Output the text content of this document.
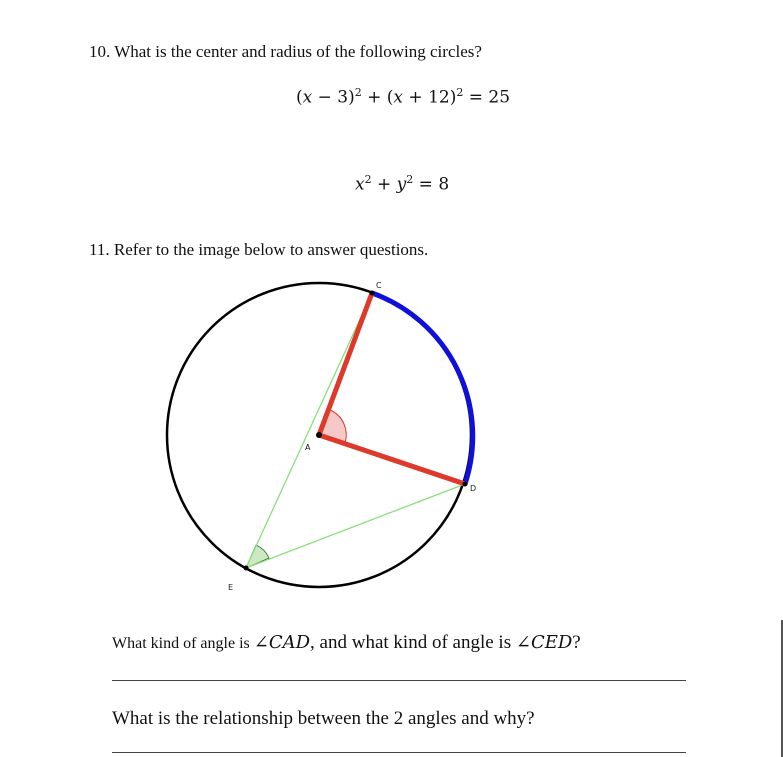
10. What is the center and radius of the following circles?
$(x - 3)^2 + (x + 12)^2 = 25$
$x^2 + y^2 = 8$
11. Refer to the image below to answer questions.
C
A
D
E
What kind of angle is ∠CAD, and what kind of angle is ∠CED?
What is the relationship between the 2 angles and why?
